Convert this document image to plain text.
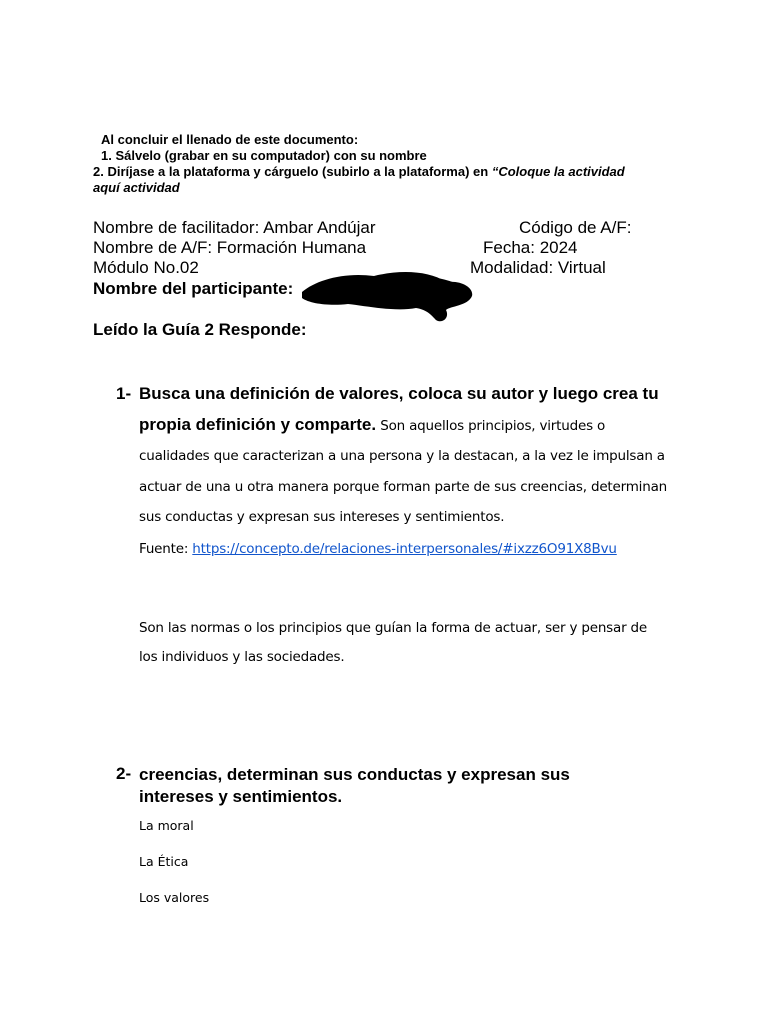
Al concluir el llenado de este documento:
1. Sálvelo (grabar en su computador) con su nombre
2. Diríjase a la plataforma y cárguelo (subirlo a la plataforma) en “Coloque la actividad
aquí actividad
Nombre de facilitador: Ambar Andújar	Código de A/F:
Nombre de A/F: Formación Humana	Fecha: 2024
Módulo No.02	Modalidad: Virtual
Nombre del participante:
Leído la Guía 2 Responde:
1- Busca una definición de valores, coloca su autor y luego crea tu propia definición y comparte. Son aquellos principios, virtudes o cualidades que caracterizan a una persona y la destacan, a la vez le impulsan a actuar de una u otra manera porque forman parte de sus creencias, determinan sus conductas y expresan sus intereses y sentimientos.
Fuente: https://concepto.de/relaciones-interpersonales/#ixzz6O91X8Bvu
Son las normas o los principios que guían la forma de actuar, ser y pensar de
los individuos y las sociedades.
2- creencias, determinan sus conductas y expresan sus
intereses y sentimientos.
La moral
La Ética
Los valores
